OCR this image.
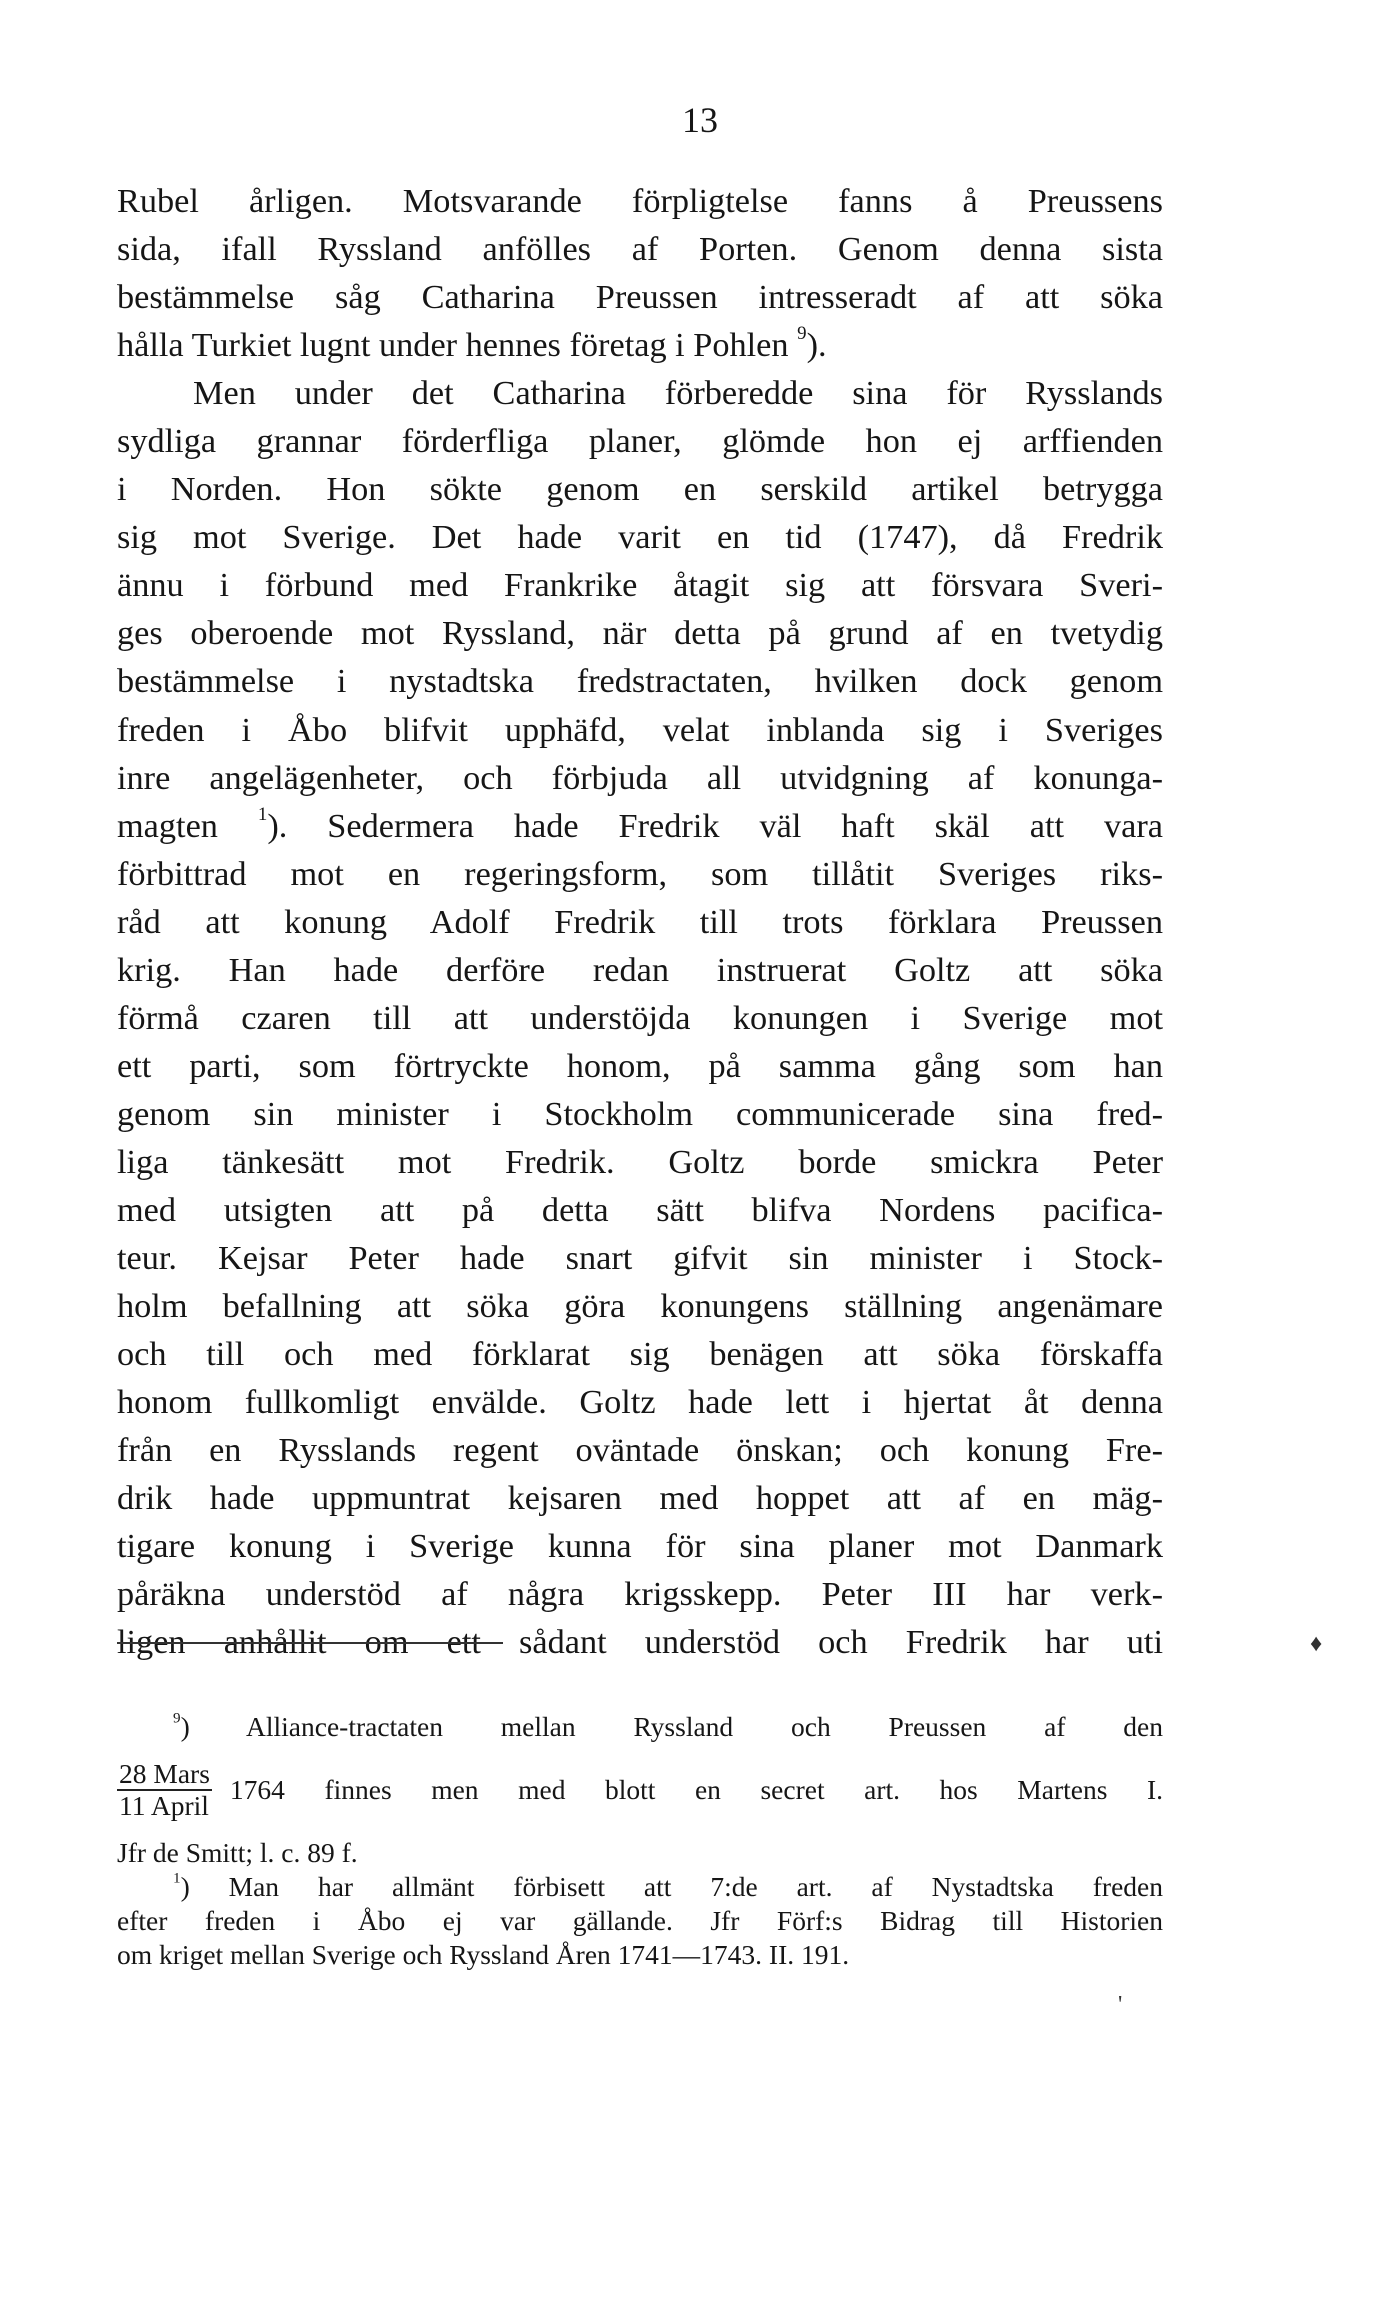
13
Rubel årligen. Motsvarande förpligtelse fanns å Preussens
sida, ifall Ryssland anfölles af Porten. Genom denna sista
bestämmelse såg Catharina Preussen intresseradt af att söka
hålla Turkiet lugnt under hennes företag i Pohlen $^9$).
Men under det Catharina förberedde sina för Rysslands
sydliga grannar förderfliga planer, glömde hon ej arffienden
i Norden. Hon sökte genom en serskild artikel betrygga
sig mot Sverige. Det hade varit en tid (1747), då Fredrik
ännu i förbund med Frankrike åtagit sig att försvara Sveri-
ges oberoende mot Ryssland, när detta på grund af en tvetydig
bestämmelse i nystadtska fredstractaten, hvilken dock genom
freden i Åbo blifvit upphäfd, velat inblanda sig i Sveriges
inre angelägenheter, och förbjuda all utvidgning af konunga-
magten $^1$). Sedermera hade Fredrik väl haft skäl att vara
förbittrad mot en regeringsform, som tillåtit Sveriges riks-
råd att konung Adolf Fredrik till trots förklara Preussen
krig. Han hade derföre redan instruerat Goltz att söka
förmå czaren till att understöjda konungen i Sverige mot
ett parti, som förtryckte honom, på samma gång som han
genom sin minister i Stockholm communicerade sina fred-
liga tänkesätt mot Fredrik. Goltz borde smickra Peter
med utsigten att på detta sätt blifva Nordens pacifica-
teur. Kejsar Peter hade snart gifvit sin minister i Stock-
holm befallning att söka göra konungens ställning angenämare
och till och med förklarat sig benägen att söka förskaffa
honom fullkomligt envälde. Goltz hade lett i hjertat åt denna
från en Rysslands regent oväntade önskan; och konung Fre-
drik hade uppmuntrat kejsaren med hoppet att af en mäg-
tigare konung i Sverige kunna för sina planer mot Danmark
påräkna understöd af några krigsskepp. Peter III har verk-
ligen anhållit om ett sådant understöd och Fredrik har uti
$^9$) Alliance-tractaten mellan Ryssland och Preussen af den
$\frac{\text{28 Mars}}{\text{11 April}} 1764$ finnes men med blott en secret art. hos Martens I.
Jfr de Smitt; l. c. 89 f.
$^1$) Man har allmänt förbisett att 7:de art. af Nystadtska freden
efter freden i Åbo ej var gällande. Jfr Förf:s Bidrag till Historien
om kriget mellan Sverige och Ryssland Åren 1741—1743. II. 191.
♦
'
